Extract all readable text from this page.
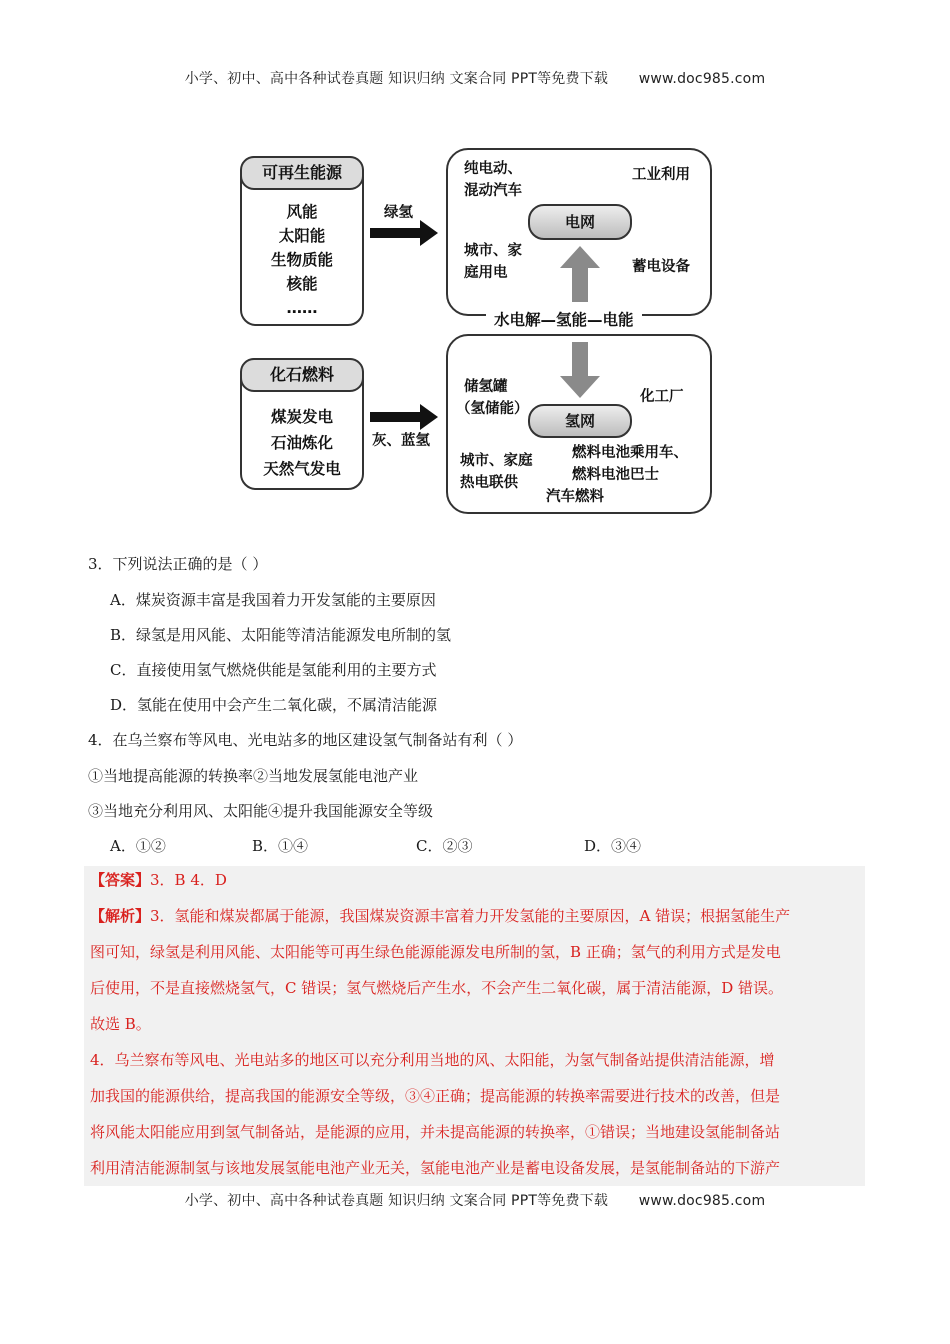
小学、初中、高中各种试卷真题 知识归纳 文案合同 PPT等免费下载 www.doc985.com
可再生能源
风能
太阳能
生物质能
核能
……
化石燃料
煤炭发电
石油炼化
天然气发电
绿氢
灰、蓝氢
纯电动、
混动汽车
工业利用
电网
城市、家
庭用电	蓄电设备
水电解—氢能—电能
储氢罐
（氢储能）
化工厂
氢网
城市、家庭
热电联供
燃料电池乘用车、
燃料电池巴士
汽车燃料
3．下列说法正确的是（ ）
A．煤炭资源丰富是我国着力开发氢能的主要原因
B．绿氢是用风能、太阳能等清洁能源发电所制的氢
C．直接使用氢气燃烧供能是氢能利用的主要方式
D．氢能在使用中会产生二氧化碳，不属清洁能源
4．在乌兰察布等风电、光电站多的地区建设氢气制备站有利（ ）
①当地提高能源的转换率②当地发展氢能电池产业
③当地充分利用风、太阳能④提升我国能源安全等级
A．①②	B．①④	C．②③	D．③④
【答案】3．B 4．D
【解析】3．氢能和煤炭都属于能源，我国煤炭资源丰富着力开发氢能的主要原因，A 错误；根据氢能生产
图可知，绿氢是利用风能、太阳能等可再生绿色能源能源发电所制的氢，B 正确；氢气的利用方式是发电
后使用，不是直接燃烧氢气，C 错误；氢气燃烧后产生水，不会产生二氧化碳，属于清洁能源，D 错误。
故选 B。
4．乌兰察布等风电、光电站多的地区可以充分利用当地的风、太阳能，为氢气制备站提供清洁能源，增
加我国的能源供给，提高我国的能源安全等级，③④正确；提高能源的转换率需要进行技术的改善，但是
将风能太阳能应用到氢气制备站，是能源的应用，并未提高能源的转换率，①错误；当地建设氢能制备站
利用清洁能源制氢与该地发展氢能电池产业无关，氢能电池产业是蓄电设备发展，是氢能制备站的下游产
小学、初中、高中各种试卷真题 知识归纳 文案合同 PPT等免费下载 www.doc985.com
